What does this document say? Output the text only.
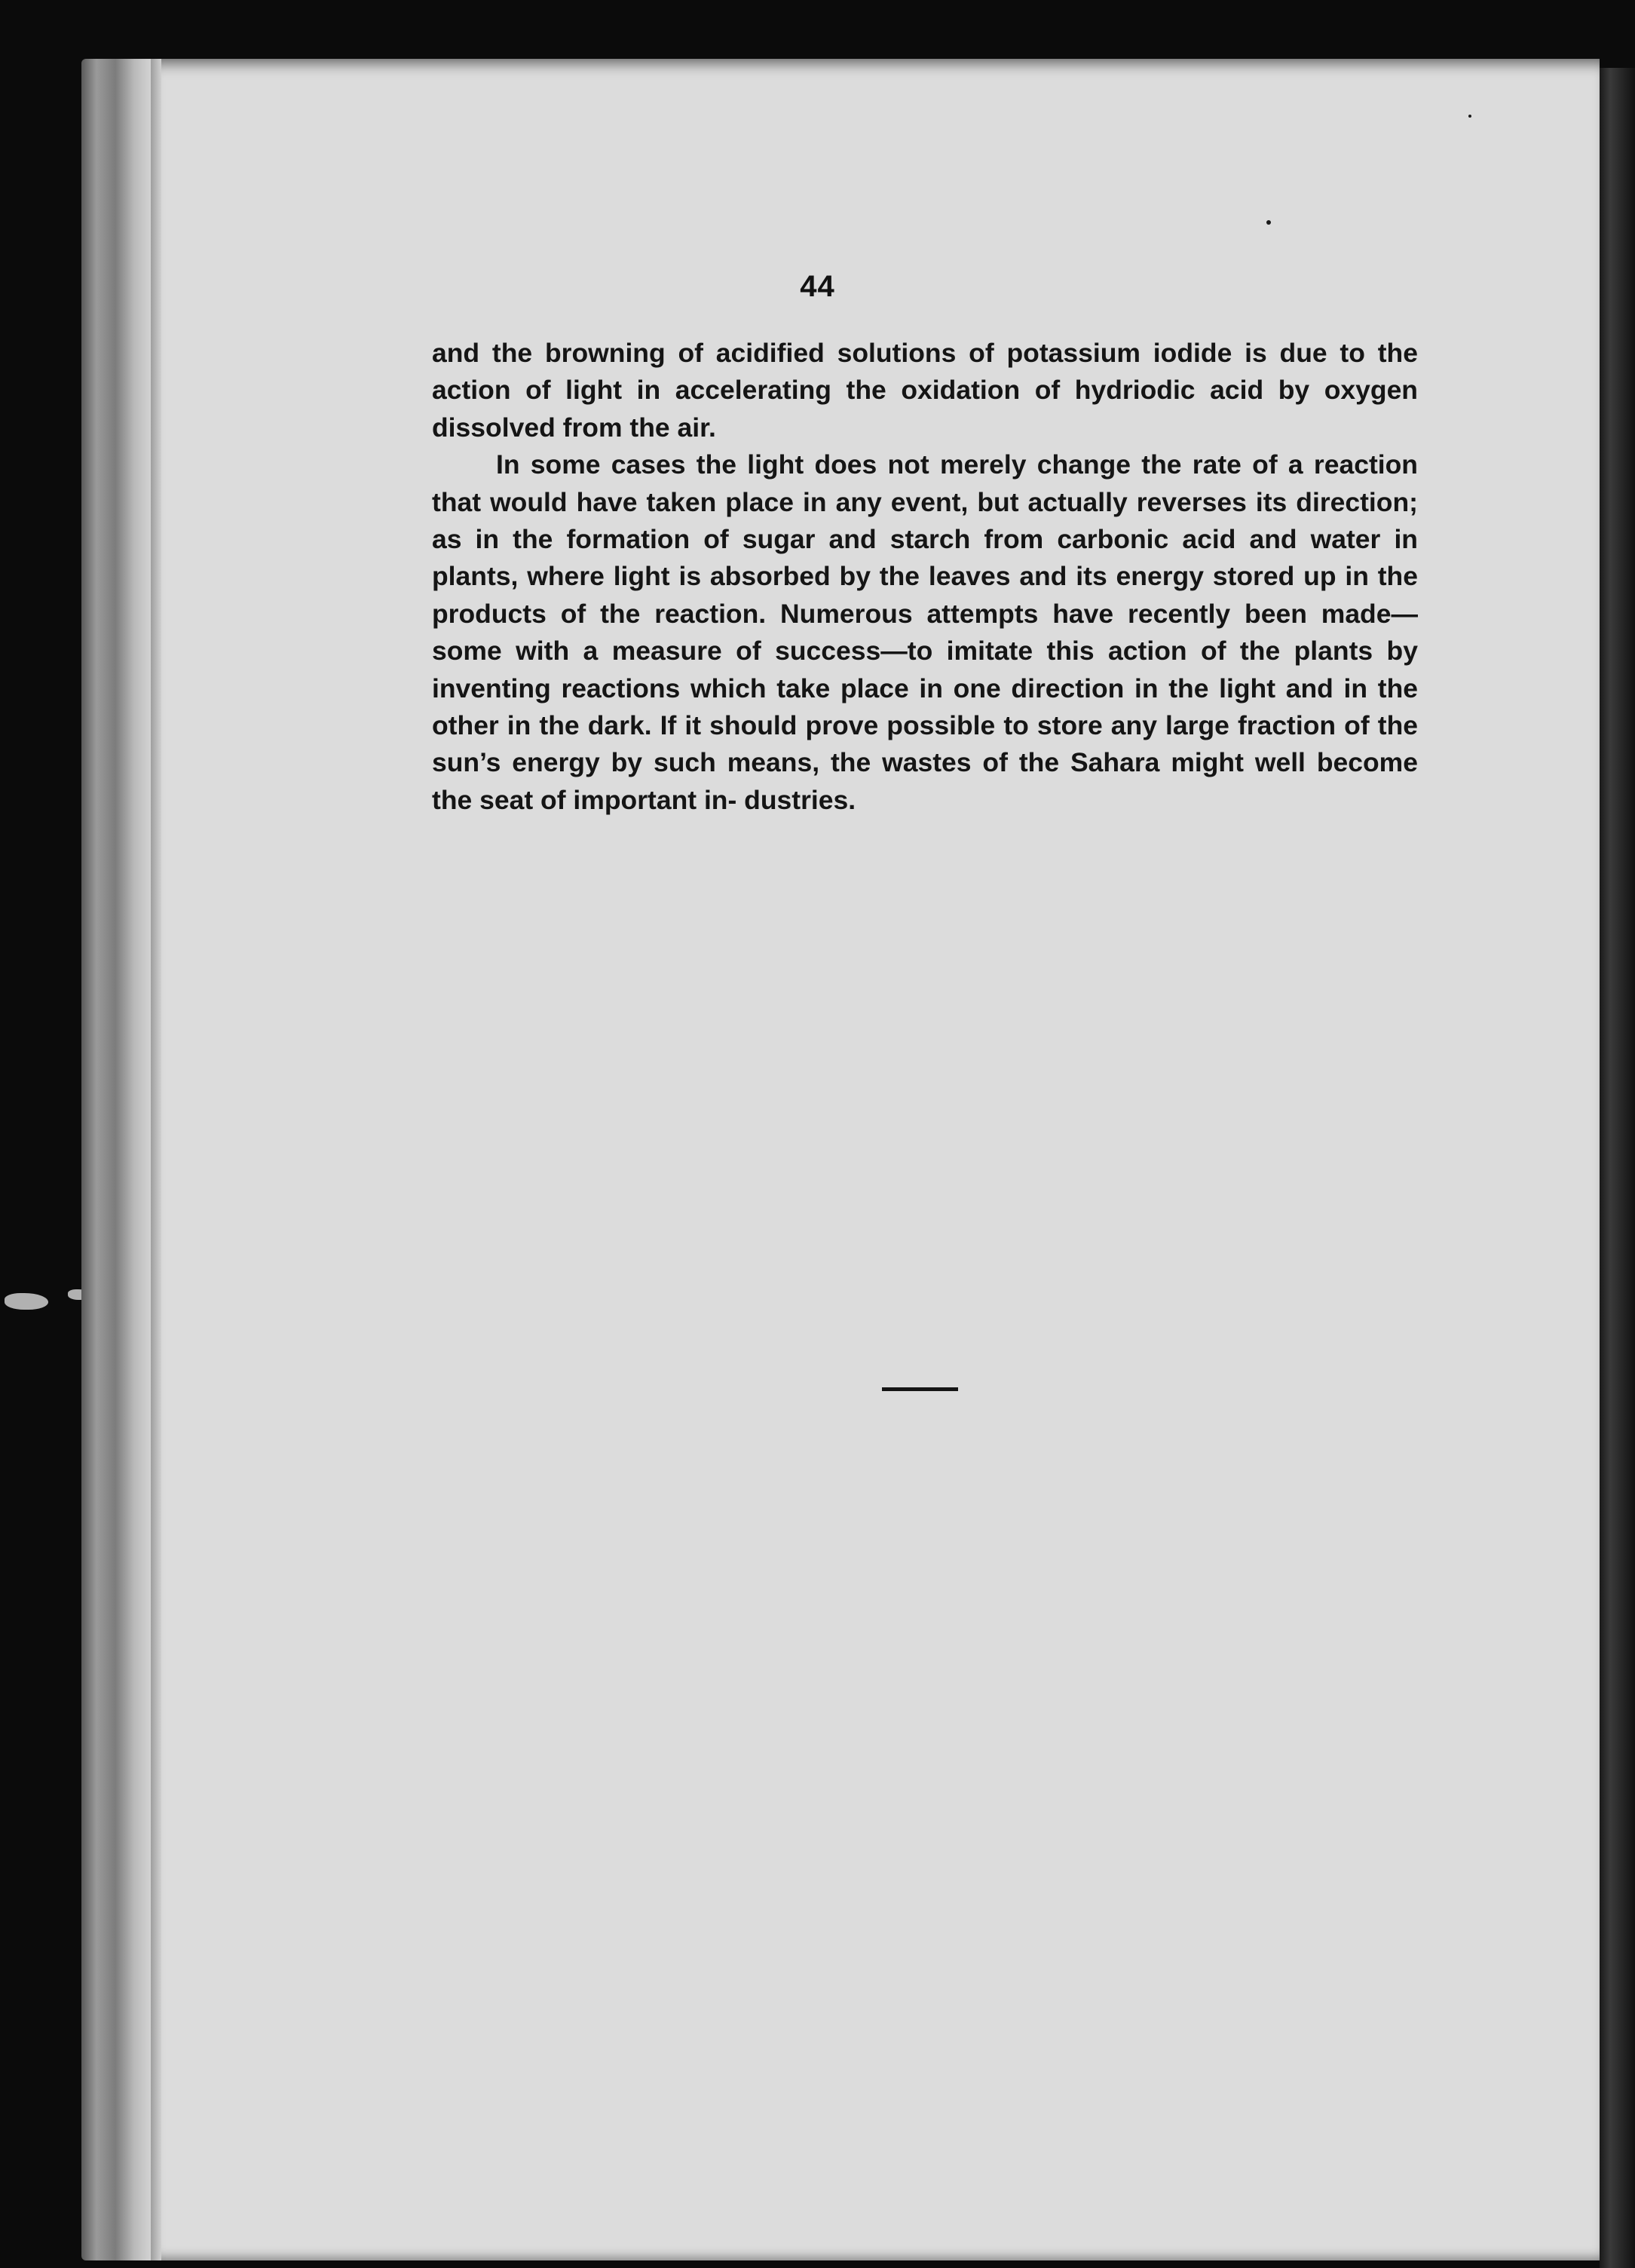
44

and the browning of acidified solutions of potassium iodide is due to the action of light in accelerating the oxidation of hydriodic acid by oxygen dissolved from the air.

In some cases the light does not merely change the rate of a reaction that would have taken place in any event, but actually reverses its direction; as in the formation of sugar and starch from carbonic acid and water in plants, where light is absorbed by the leaves and its energy stored up in the products of the reaction. Numerous attempts have recently been made—some with a measure of success—to imitate this action of the plants by inventing reactions which take place in one direction in the light and in the other in the dark. If it should prove possible to store any large fraction of the sun’s energy by such means, the wastes of the Sahara might well become the seat of important in- dustries.
